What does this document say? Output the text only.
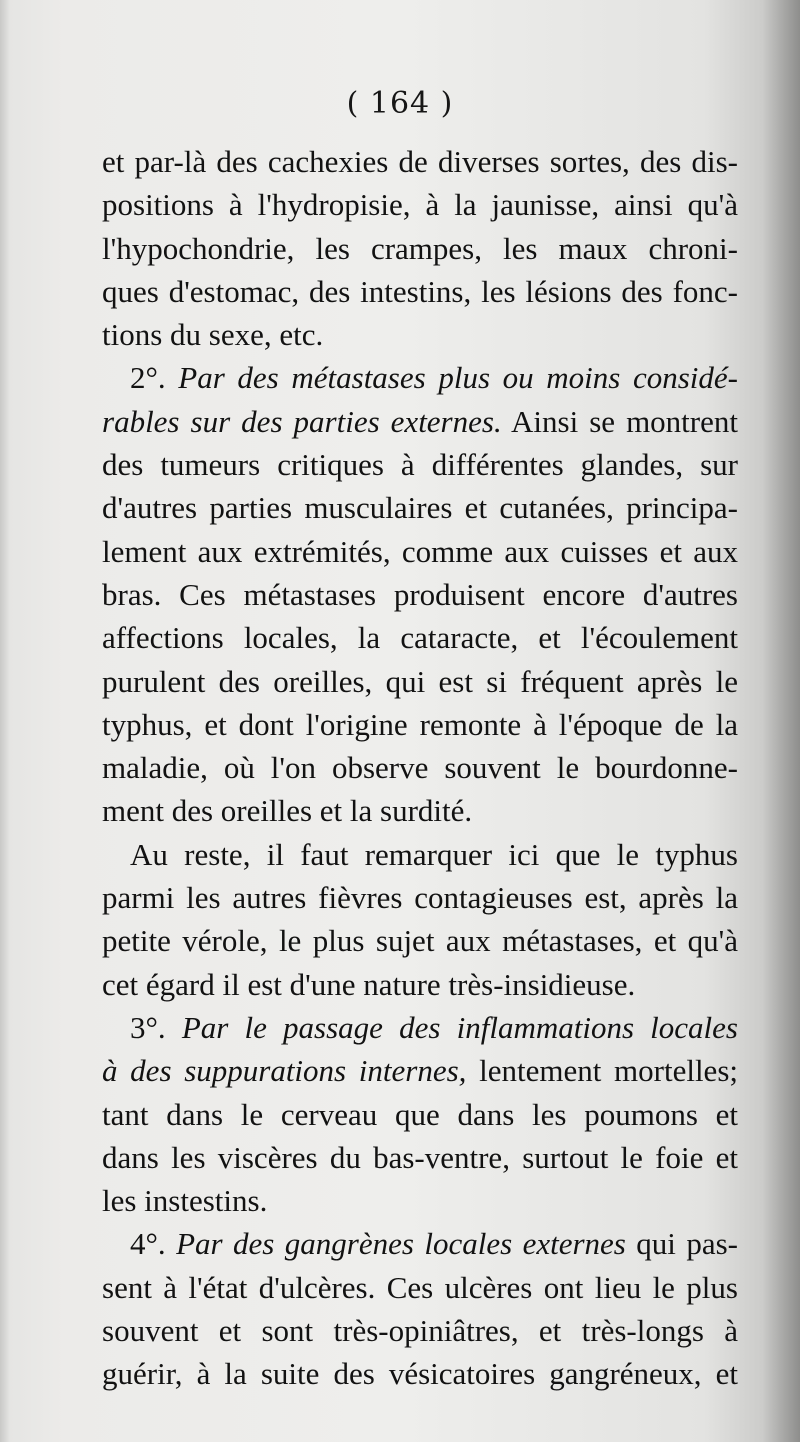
( 164 )
et par-là des cachexies de diverses sortes, des dis-
positions à l'hydropisie, à la jaunisse, ainsi qu'à
l'hypochondrie, les crampes, les maux chroni-
ques d'estomac, des intestins, les lésions des fonc-
tions du sexe, etc.
2°. Par des métastases plus ou moins considé-
rables sur des parties externes. Ainsi se montrent
des tumeurs critiques à différentes glandes, sur
d'autres parties musculaires et cutanées, principa-
lement aux extrémités, comme aux cuisses et aux
bras. Ces métastases produisent encore d'autres
affections locales, la cataracte, et l'écoulement
purulent des oreilles, qui est si fréquent après le
typhus, et dont l'origine remonte à l'époque de la
maladie, où l'on observe souvent le bourdonne-
ment des oreilles et la surdité.
Au reste, il faut remarquer ici que le typhus
parmi les autres fièvres contagieuses est, après la
petite vérole, le plus sujet aux métastases, et qu'à
cet égard il est d'une nature très-insidieuse.
3°. Par le passage des inflammations locales
à des suppurations internes, lentement mortelles;
tant dans le cerveau que dans les poumons et
dans les viscères du bas-ventre, surtout le foie et
les instestins.
4°. Par des gangrènes locales externes qui pas-
sent à l'état d'ulcères. Ces ulcères ont lieu le plus
souvent et sont très-opiniâtres, et très-longs à
guérir, à la suite des vésicatoires gangréneux, et
